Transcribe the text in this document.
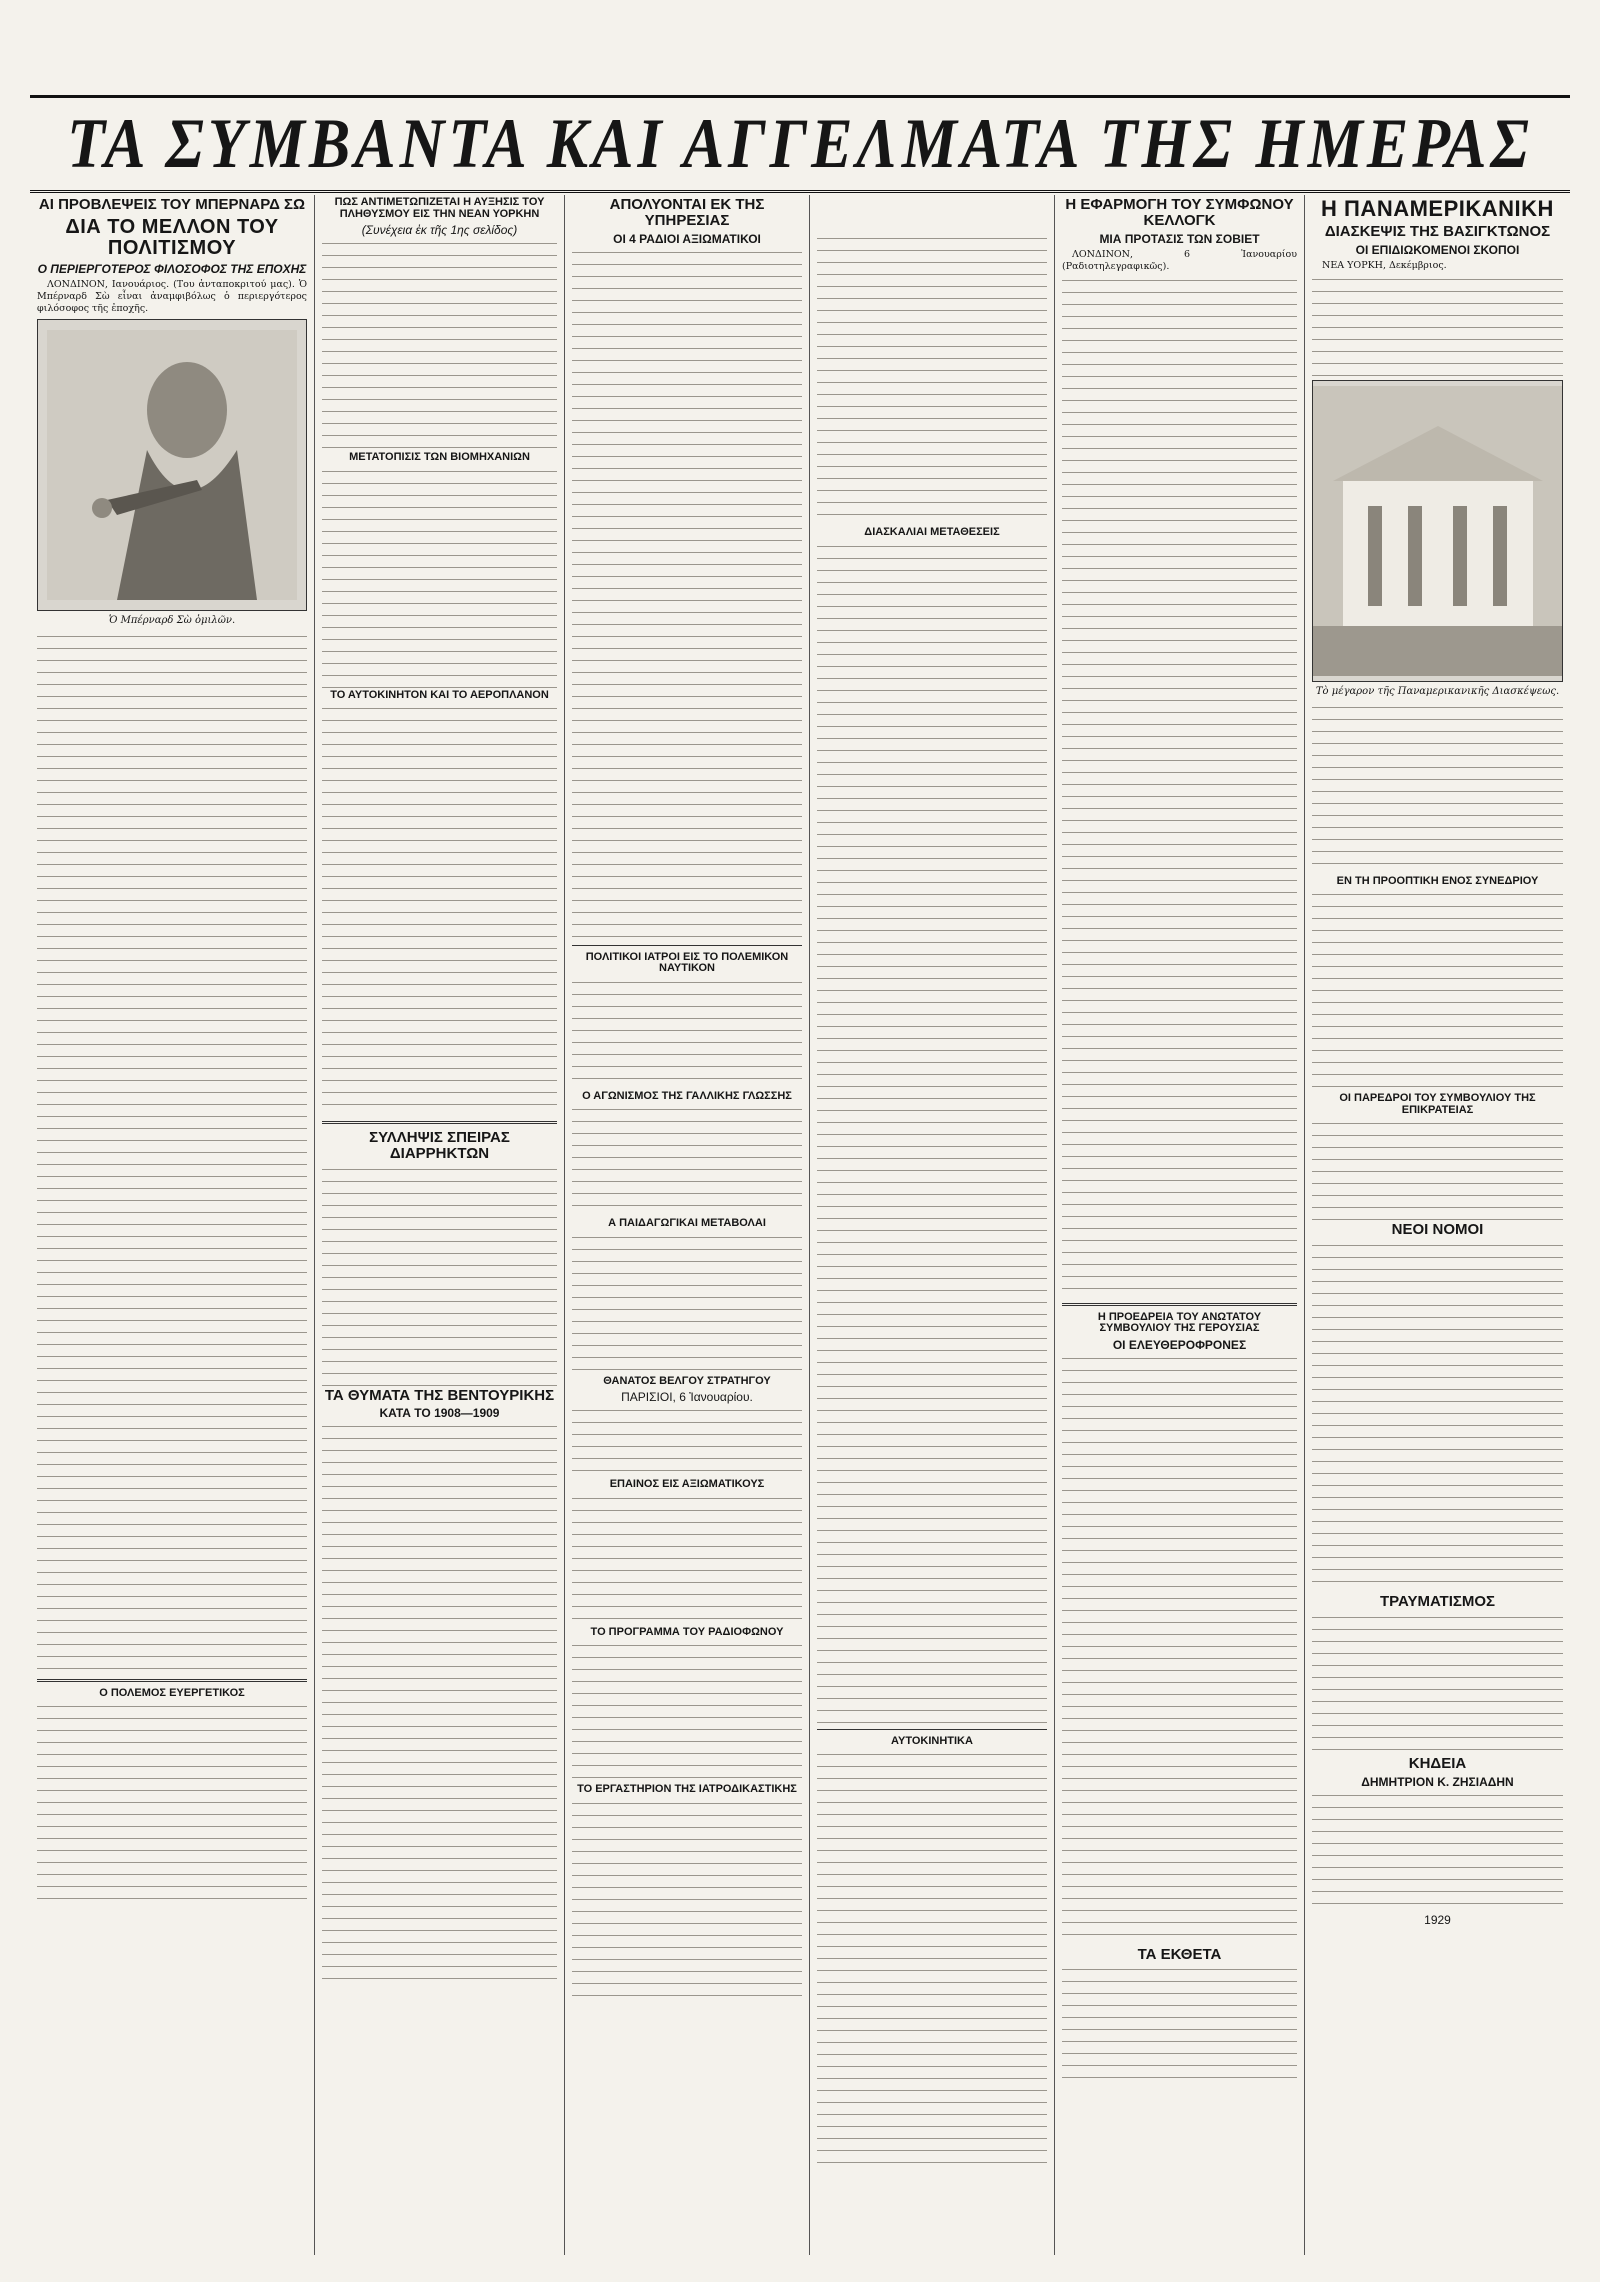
ΤΑ ΣΥΜΒΑΝΤΑ ΚΑΙ ΑΓΓΕΛΜΑΤΑ ΤΗΣ ΗΜΕΡΑΣ
ΑΙ ΠΡΟΒΛΕΨΕΙΣ ΤΟΥ ΜΠΕΡΝΑΡΔ ΣΩ
ΔΙΑ ΤΟ ΜΕΛΛΟΝ ΤΟΥ ΠΟΛΙΤΙΣΜΟΥ
Ο ΠΕΡΙΕΡΓΟΤΕΡΟΣ ΦΙΛΟΣΟΦΟΣ ΤΗΣ ΕΠΟΧΗΣ

ΛΟΝΔΙΝΟΝ, Ιανουάριος. (Του ἀνταποκριτού μας). Ὁ Μπέρναρδ Σὼ εἶναι ἀναμφιβόλως ὁ περιεργότερος φιλόσοφος τῆς ἐποχῆς.

Ὁ Μπέρναρδ Σὼ ὁμιλῶν.
Ο ΠΟΛΕΜΟΣ ΕΥΕΡΓΕΤΙΚΟΣ
ΠΩΣ ΑΝΤΙΜΕΤΩΠΙΖΕΤΑΙ Η ΑΥΞΗΣΙΣ ΤΟΥ ΠΛΗΘΥΣΜΟΥ ΕΙΣ ΤΗΝ ΝΕΑΝ ΥΟΡΚΗΝ
(Συνέχεια ἐκ τῆς 1ης σελίδος)
ΜΕΤΑΤΟΠΙΣΙΣ ΤΩΝ ΒΙΟΜΗΧΑΝΙΩΝ
ΤΟ ΑΥΤΟΚΙΝΗΤΟΝ ΚΑΙ ΤΟ ΑΕΡΟΠΛΑΝΟΝ
ΣΥΛΛΗΨΙΣ ΣΠΕΙΡΑΣ ΔΙΑΡΡΗΚΤΩΝ
ΤΑ ΘΥΜΑΤΑ ΤΗΣ ΒΕΝΤΟΥΡΙΚΗΣ
ΚΑΤΑ ΤΟ 1908—1909
ΑΠΟΛΥΟΝΤΑΙ ΕΚ ΤΗΣ ΥΠΗΡΕΣΙΑΣ
ΟΙ 4 ΡΑΔΙΟΙ ΑΞΙΩΜΑΤΙΚΟΙ
ΠΟΛΙΤΙΚΟΙ ΙΑΤΡΟΙ ΕΙΣ ΤΟ ΠΟΛΕΜΙΚΟΝ ΝΑΥΤΙΚΟΝ
Ο ΑΓΩΝΙΣΜΟΣ ΤΗΣ ΓΑΛΛΙΚΗΣ ΓΛΩΣΣΗΣ
Α ΠΑΙΔΑΓΩΓΙΚΑΙ ΜΕΤΑΒΟΛΑΙ
ΘΑΝΑΤΟΣ ΒΕΛΓΟΥ ΣΤΡΑΤΗΓΟΥ
ΠΑΡΙΣΙΟΙ, 6 Ἰανουαρίου.
ΕΠΑΙΝΟΣ ΕΙΣ ΑΞΙΩΜΑΤΙΚΟΥΣ
ΤΟ ΠΡΟΓΡΑΜΜΑ ΤΟΥ ΡΑΔΙΟΦΩΝΟΥ
ΤΟ ΕΡΓΑΣΤΗΡΙΟΝ ΤΗΣ ΙΑΤΡΟΔΙΚΑΣΤΙΚΗΣ
ΔΙΑΣΚΑΛΙΑΙ ΜΕΤΑΘΕΣΕΙΣ
ΑΥΤΟΚΙΝΗΤΙΚΑ
Η ΕΦΑΡΜΟΓΗ ΤΟΥ ΣΥΜΦΩΝΟΥ ΚΕΛΛΟΓΚ
ΜΙΑ ΠΡΟΤΑΣΙΣ ΤΩΝ ΣΟΒΙΕΤ

ΛΟΝΔΙΝΟΝ, 6 Ἰανουαρίου (Ραδιοτηλεγραφικῶς).

Η ΠΡΟΕΔΡΕΙΑ ΤΟΥ ΑΝΩΤΑΤΟΥ ΣΥΜΒΟΥΛΙΟΥ ΤΗΣ ΓΕΡΟΥΣΙΑΣ
ΟΙ ΕΛΕΥΘΕΡΟΦΡΟΝΕΣ
ΤΑ ΕΚΘΕΤΑ
Η ΠΑΝΑΜΕΡΙΚΑΝΙΚΗ
ΔΙΑΣΚΕΨΙΣ ΤΗΣ ΒΑΣΙΓΚΤΩΝΟΣ
ΟΙ ΕΠΙΔΙΩΚΟΜΕΝΟΙ ΣΚΟΠΟΙ

ΝΕΑ ΥΟΡΚΗ, Δεκέμβριος.

Τὸ μέγαρον τῆς Παναμερικανικῆς Διασκέψεως.
ΕΝ ΤΗ ΠΡΟΟΠΤΙΚΗ ΕΝΟΣ ΣΥΝΕΔΡΙΟΥ
ΟΙ ΠΑΡΕΔΡΟΙ ΤΟΥ ΣΥΜΒΟΥΛΙΟΥ ΤΗΣ ΕΠΙΚΡΑΤΕΙΑΣ
ΝΕΟΙ ΝΟΜΟΙ
ΤΡΑΥΜΑΤΙΣΜΟΣ
ΚΗΔΕΙΑ
ΔΗΜΗΤΡΙΟΝ Κ. ΖΗΣΙΑΔΗΝ
1929
